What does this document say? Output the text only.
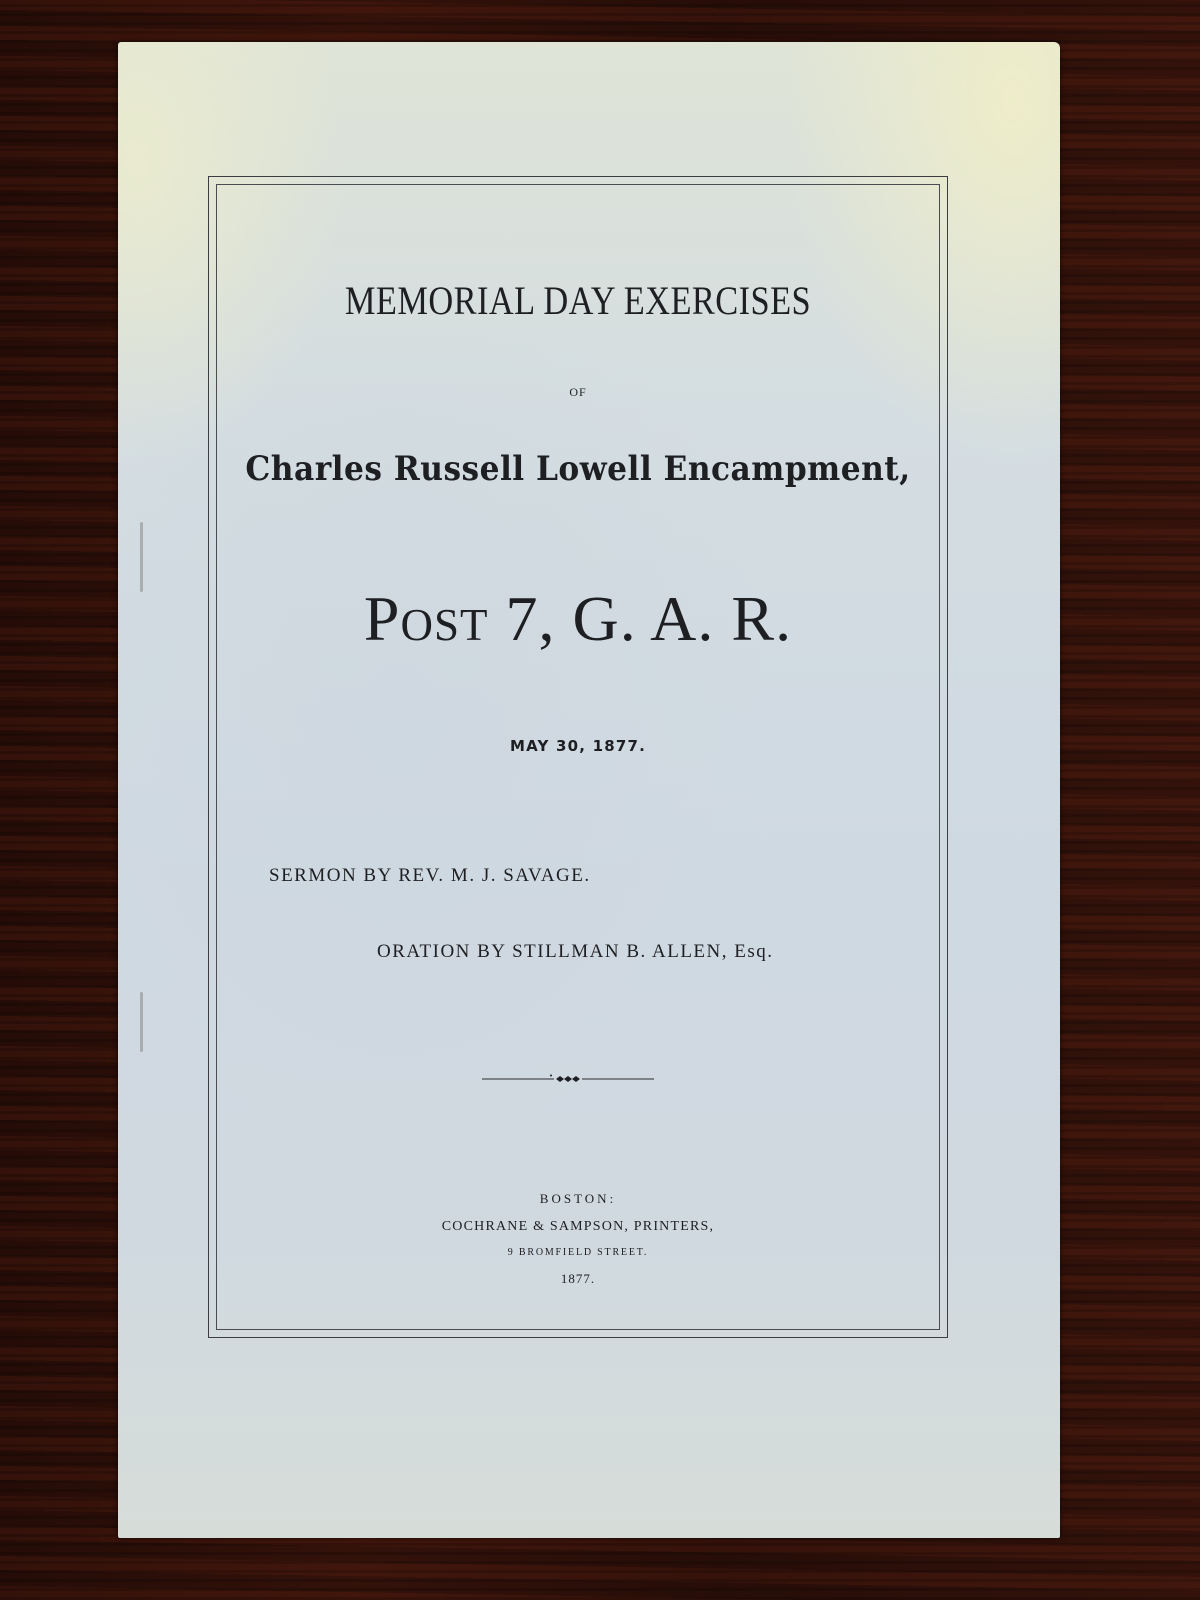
MEMORIAL DAY EXERCISES
OF
Charles Russell Lowell Encampment,
Post 7, G. A. R.
MAY 30, 1877.
SERMON BY REV. M. J. SAVAGE.
ORATION BY STILLMAN B. ALLEN, Esq.
BOSTON:
COCHRANE & SAMPSON, PRINTERS,
9 BROMFIELD STREET.
1877.
